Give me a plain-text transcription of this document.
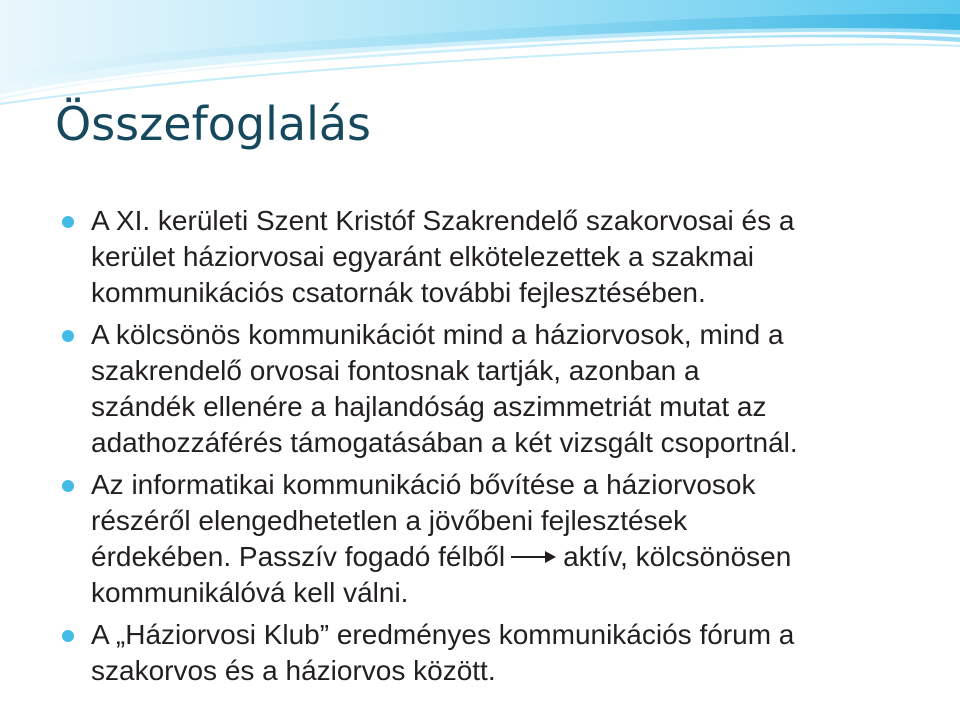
Összefoglalás
A XI. kerületi Szent Kristóf Szakrendelő szakorvosai és a
kerület háziorvosai egyaránt elkötelezettek a szakmai
kommunikációs csatornák további fejlesztésében.
A kölcsönös kommunikációt mind a háziorvosok, mind a
szakrendelő orvosai fontosnak tartják, azonban a
szándék ellenére a hajlandóság aszimmetriát mutat az
adathozzáférés támogatásában a két vizsgált csoportnál.
Az informatikai kommunikáció bővítése a háziorvosok
részéről elengedhetetlen a jövőbeni fejlesztések
érdekében. Passzív fogadó félből aktív, kölcsönösen
kommunikálóvá kell válni.
A „Háziorvosi Klub” eredményes kommunikációs fórum a
szakorvos és a háziorvos között.
